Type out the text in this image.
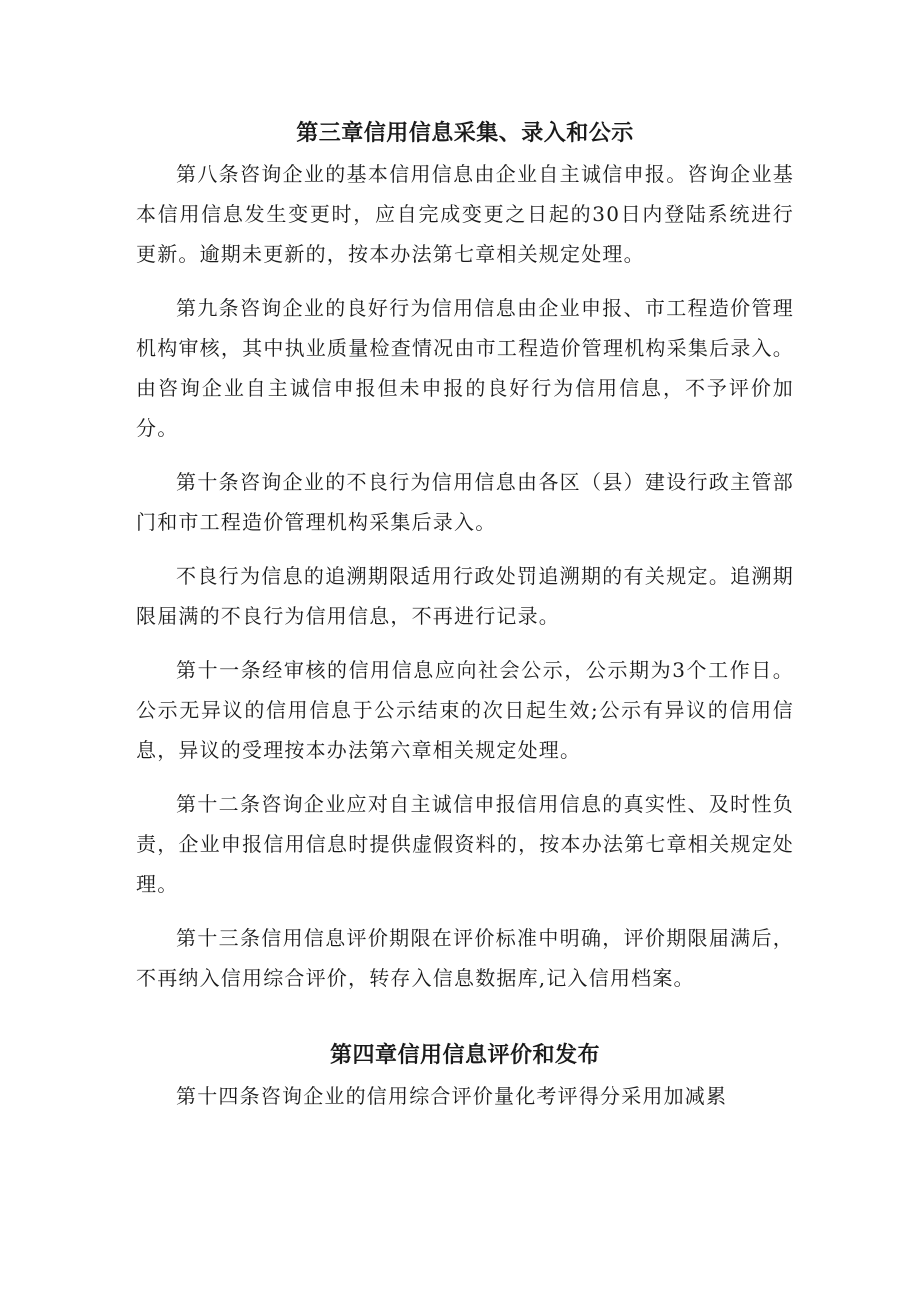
第三章信用信息采集、录入和公示

第八条咨询企业的基本信用信息由企业自主诚信申报。咨询企业基本信用信息发生变更时，应自完成变更之日起的30日内登陆系统进行更新。逾期未更新的，按本办法第七章相关规定处理。

第九条咨询企业的良好行为信用信息由企业申报、市工程造价管理机构审核，其中执业质量检查情况由市工程造价管理机构采集后录入。由咨询企业自主诚信申报但未申报的良好行为信用信息，不予评价加分。

第十条咨询企业的不良行为信用信息由各区（县）建设行政主管部门和市工程造价管理机构采集后录入。

不良行为信息的追溯期限适用行政处罚追溯期的有关规定。追溯期限届满的不良行为信用信息，不再进行记录。

第十一条经审核的信用信息应向社会公示，公示期为3个工作日。公示无异议的信用信息于公示结束的次日起生效;公示有异议的信用信息，异议的受理按本办法第六章相关规定处理。

第十二条咨询企业应对自主诚信申报信用信息的真实性、及时性负责，企业申报信用信息时提供虚假资料的，按本办法第七章相关规定处理。

第十三条信用信息评价期限在评价标准中明确，评价期限届满后，不再纳入信用综合评价，转存入信息数据库,记入信用档案。

第四章信用信息评价和发布

第十四条咨询企业的信用综合评价量化考评得分采用加减累
